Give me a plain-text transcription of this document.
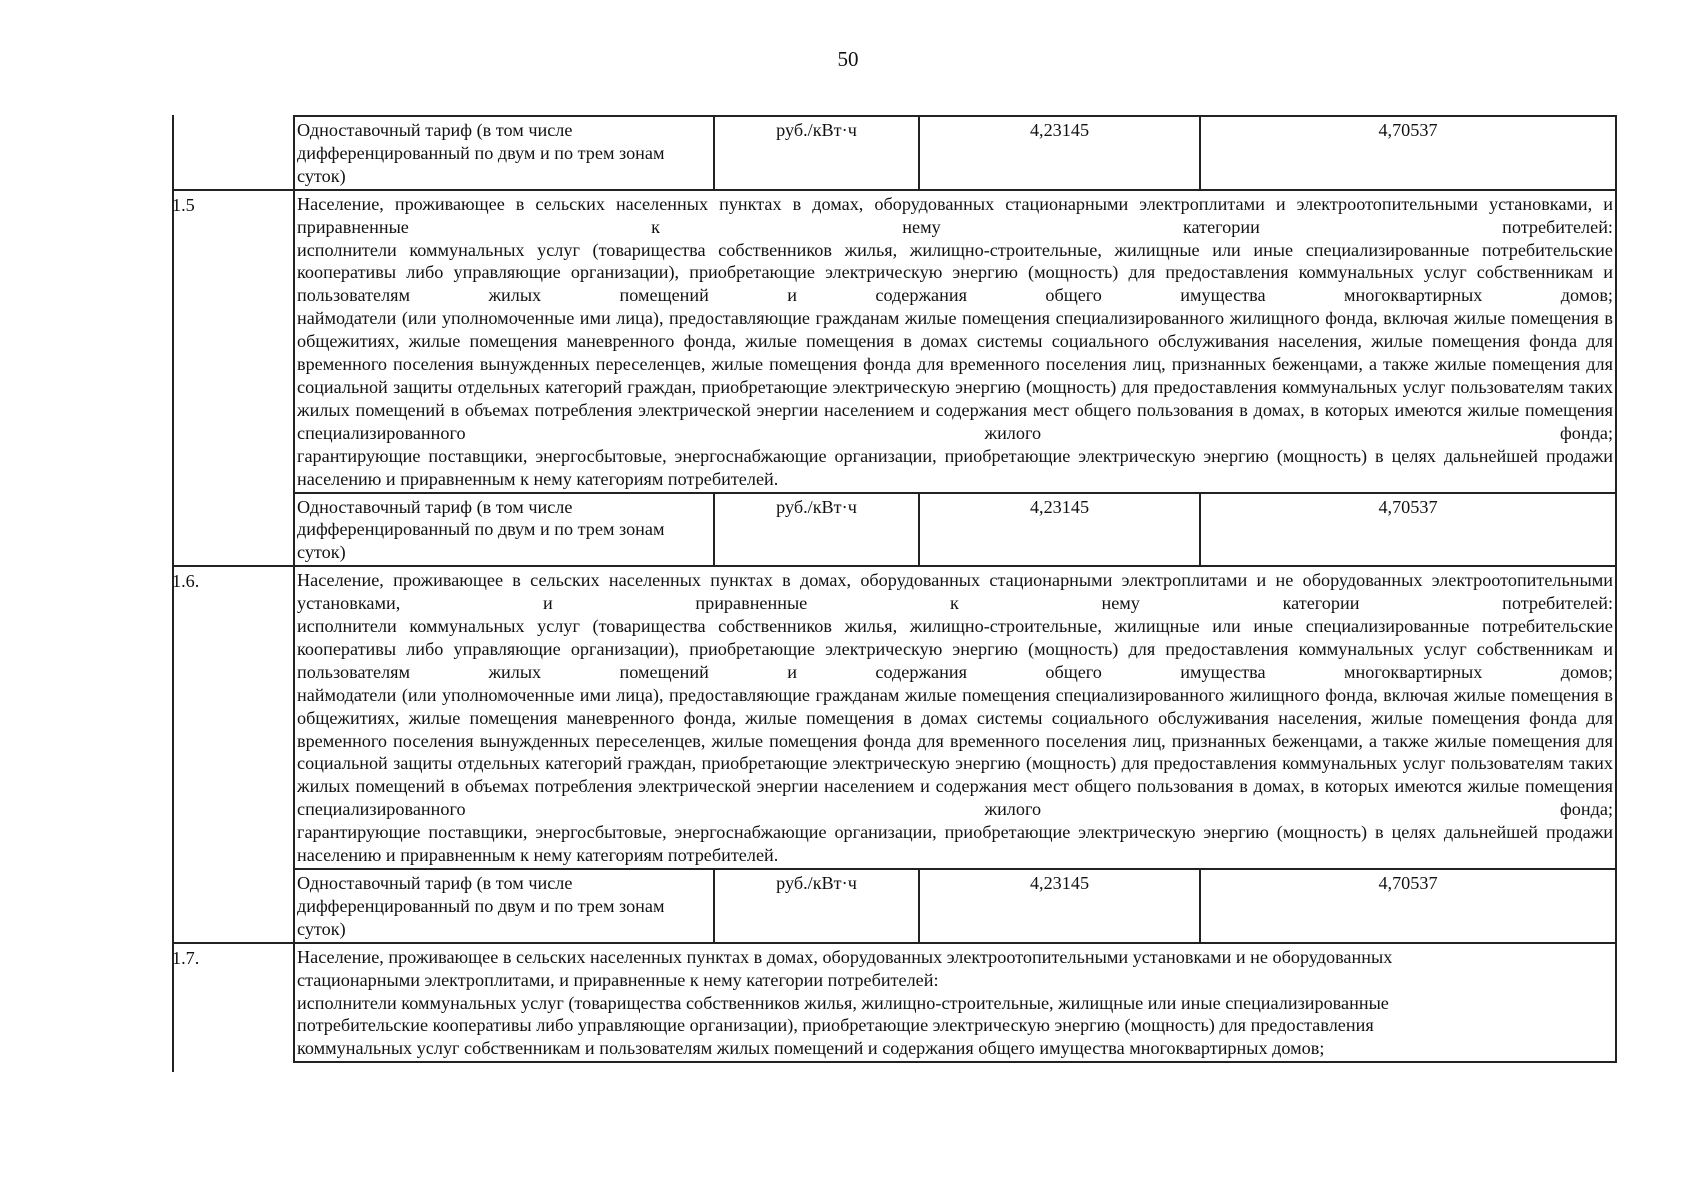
50

	Одноставочный тариф (в том числе
дифференцированный по двум и по трем зонам
суток)	руб./кВт·ч	4,23145	4,70537
1.5	Население, проживающее в сельских населенных пунктах в домах, оборудованных стационарными электроплитами и электроотопительными установками, и приравненные к нему категории потребителей:

исполнители коммунальных услуг (товарищества собственников жилья, жилищно-строительные, жилищные или иные специализированные потребительские кооперативы либо управляющие организации), приобретающие электрическую энергию (мощность) для предоставления коммунальных услуг собственникам и пользователям жилых помещений и содержания общего имущества многоквартирных домов;

наймодатели (или уполномоченные ими лица), предоставляющие гражданам жилые помещения специализированного жилищного фонда, включая жилые помещения в общежитиях, жилые помещения маневренного фонда, жилые помещения в домах системы социального обслуживания населения, жилые помещения фонда для временного поселения вынужденных переселенцев, жилые помещения фонда для временного поселения лиц, признанных беженцами, а также жилые помещения для социальной защиты отдельных категорий граждан, приобретающие электрическую энергию (мощность) для предоставления коммунальных услуг пользователям таких жилых помещений в объемах потребления электрической энергии населением и содержания мест общего пользования в домах, в которых имеются жилые помещения специализированного жилого фонда;

гарантирующие поставщики, энергосбытовые, энергоснабжающие организации, приобретающие электрическую энергию (мощность) в целях дальнейшей продажи населению и приравненным к нему категориям потребителей.			

	Одноставочный тариф (в том числе
дифференцированный по двум и по трем зонам
суток)	руб./кВт·ч	4,23145	4,70537
1.6.	Население, проживающее в сельских населенных пунктах в домах, оборудованных стационарными электроплитами и не оборудованных электроотопительными установками, и приравненные к нему категории потребителей:

исполнители коммунальных услуг (товарищества собственников жилья, жилищно-строительные, жилищные или иные специализированные потребительские кооперативы либо управляющие организации), приобретающие электрическую энергию (мощность) для предоставления коммунальных услуг собственникам и пользователям жилых помещений и содержания общего имущества многоквартирных домов;

наймодатели (или уполномоченные ими лица), предоставляющие гражданам жилые помещения специализированного жилищного фонда, включая жилые помещения в общежитиях, жилые помещения маневренного фонда, жилые помещения в домах системы социального обслуживания населения, жилые помещения фонда для временного поселения вынужденных переселенцев, жилые помещения фонда для временного поселения лиц, признанных беженцами, а также жилые помещения для социальной защиты отдельных категорий граждан, приобретающие электрическую энергию (мощность) для предоставления коммунальных услуг пользователям таких жилых помещений в объемах потребления электрической энергии населением и содержания мест общего пользования в домах, в которых имеются жилые помещения специализированного жилого фонда;

гарантирующие поставщики, энергосбытовые, энергоснабжающие организации, приобретающие электрическую энергию (мощность) в целях дальнейшей продажи населению и приравненным к нему категориям потребителей.			

	Одноставочный тариф (в том числе
дифференцированный по двум и по трем зонам
суток)	руб./кВт·ч	4,23145	4,70537
1.7.	Население, проживающее в сельских населенных пунктах в домах, оборудованных электроотопительными установками и не оборудованных
стационарными электроплитами, и приравненные к нему категории потребителей:
исполнители коммунальных услуг (товарищества собственников жилья, жилищно-строительные, жилищные или иные специализированные
потребительские кооперативы либо управляющие организации), приобретающие электрическую энергию (мощность) для предоставления
коммунальных услуг собственникам и пользователям жилых помещений и содержания общего имущества многоквартирных домов;			
